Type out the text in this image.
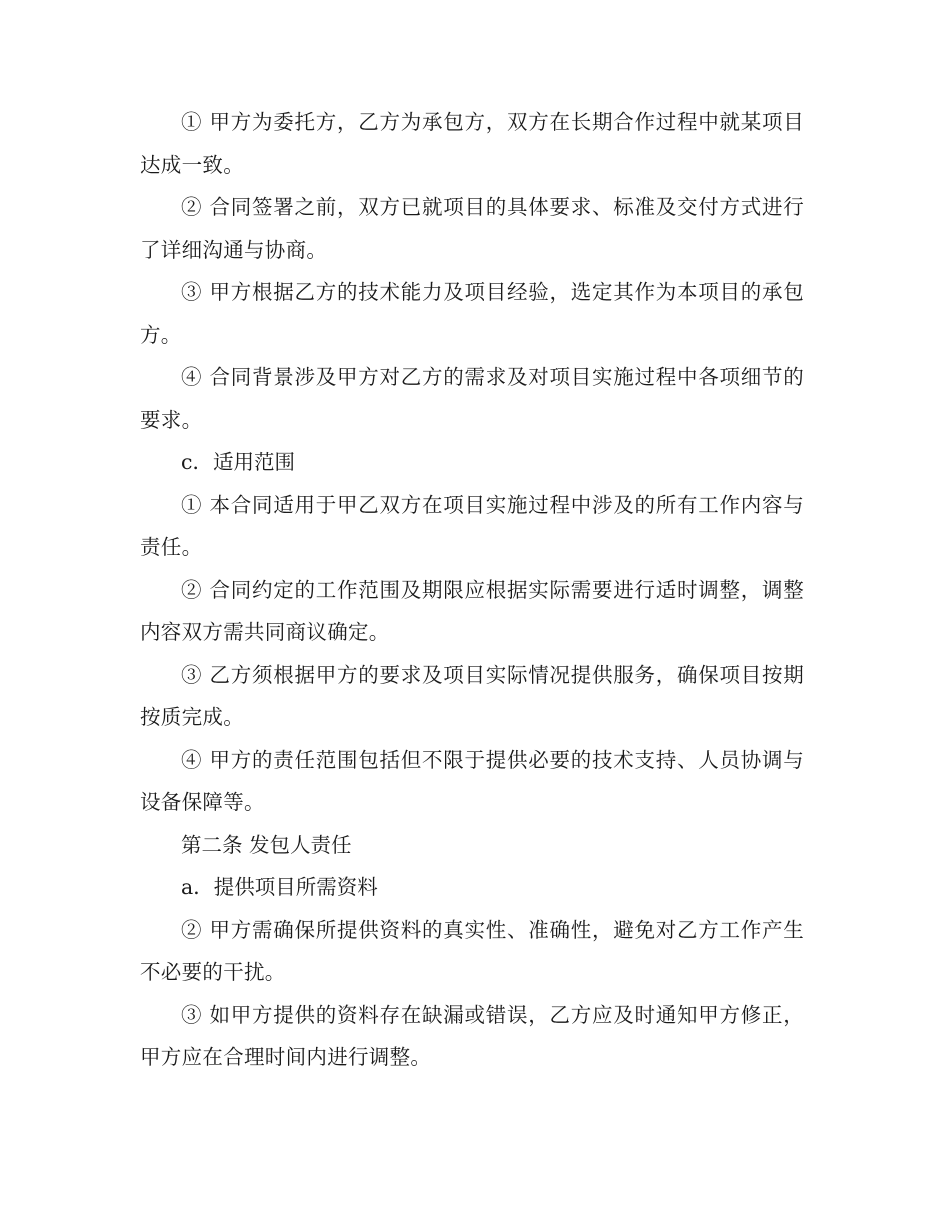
① 甲方为委托方，乙方为承包方，双方在长期合作过程中就某项目达成一致。

② 合同签署之前，双方已就项目的具体要求、标准及交付方式进行了详细沟通与协商。

③ 甲方根据乙方的技术能力及项目经验，选定其作为本项目的承包方。

④ 合同背景涉及甲方对乙方的需求及对项目实施过程中各项细节的要求。

c．适用范围

① 本合同适用于甲乙双方在项目实施过程中涉及的所有工作内容与责任。

② 合同约定的工作范围及期限应根据实际需要进行适时调整，调整内容双方需共同商议确定。

③ 乙方须根据甲方的要求及项目实际情况提供服务，确保项目按期按质完成。

④ 甲方的责任范围包括但不限于提供必要的技术支持、人员协调与设备保障等。

第二条 发包人责任

a．提供项目所需资料

② 甲方需确保所提供资料的真实性、准确性，避免对乙方工作产生不必要的干扰。

③ 如甲方提供的资料存在缺漏或错误，乙方应及时通知甲方修正，甲方应在合理时间内进行调整。
